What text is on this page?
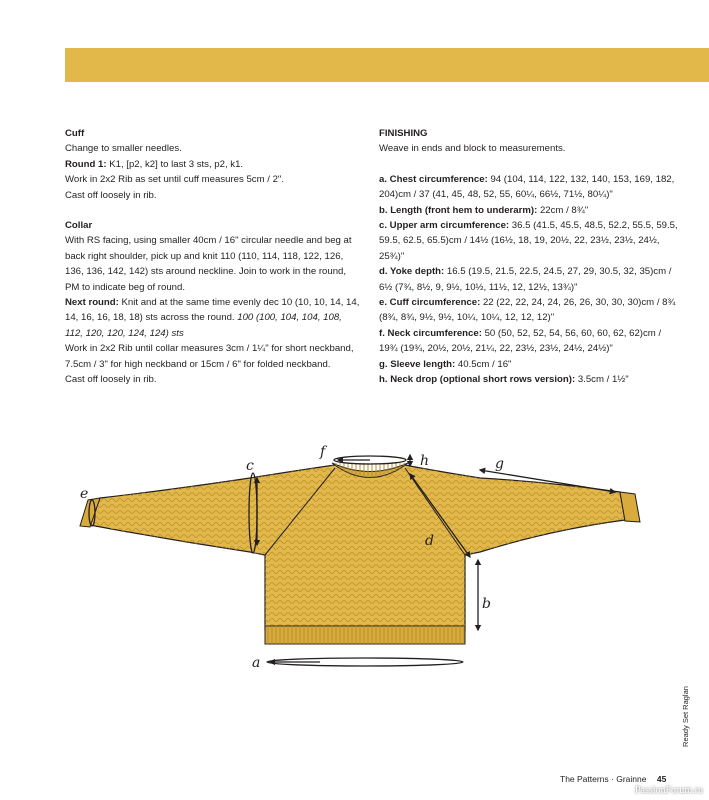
Cuff

Change to smaller needles.

Round 1: K1, [p2, k2] to last 3 sts, p2, k1.

Work in 2x2 Rib as set until cuff measures 5cm / 2".

Cast off loosely in rib.

Collar

With RS facing, using smaller 40cm / 16" circular needle and beg at back right shoulder, pick up and knit 110 (110, 114, 118, 122, 126, 136, 136, 142, 142) sts around neckline. Join to work in the round, PM to indicate beg of round.

Next round: Knit and at the same time evenly dec 10 (10, 10, 14, 14, 14, 16, 16, 18, 18) sts across the round. 100 (100, 104, 104, 108, 112, 120, 120, 124, 124) sts

Work in 2x2 Rib until collar measures 3cm / 1¼" for short neckband, 7.5cm / 3" for high neckband or 15cm / 6" for folded neckband.

Cast off loosely in rib.

FINISHING

Weave in ends and block to measurements.

a. Chest circumference: 94 (104, 114, 122, 132, 140, 153, 169, 182, 204)cm / 37 (41, 45, 48, 52, 55, 60¼, 66½, 71½, 80¼)"

b. Length (front hem to underarm): 22cm / 8¾"

c. Upper arm circumference: 36.5 (41.5, 45.5, 48.5, 52.2, 55.5, 59.5, 59.5, 62.5, 65.5)cm / 14½ (16½, 18, 19, 20½, 22, 23½, 23½, 24½, 25¾)"

d. Yoke depth: 16.5 (19.5, 21.5, 22.5, 24.5, 27, 29, 30.5, 32, 35)cm / 6½ (7¾, 8½, 9, 9½, 10½, 11½, 12, 12½, 13¾)"

e. Cuff circumference: 22 (22, 22, 24, 24, 26, 26, 30, 30, 30)cm / 8¾ (8¾, 8¾, 9½, 9½, 10¼, 10¼, 12, 12, 12)"

f. Neck circumference: 50 (50, 52, 52, 54, 56, 60, 60, 62, 62)cm / 19¾ (19¾, 20½, 20½, 21¼, 22, 23½, 23½, 24½, 24½)"

g. Sleeve length: 40.5cm / 16"

h. Neck drop (optional short rows version): 3.5cm / 1½"

c
e
f
h	g
d
b
a
Ready Set Raglan
The Patterns · Grainne 45
PassionForum.ru
